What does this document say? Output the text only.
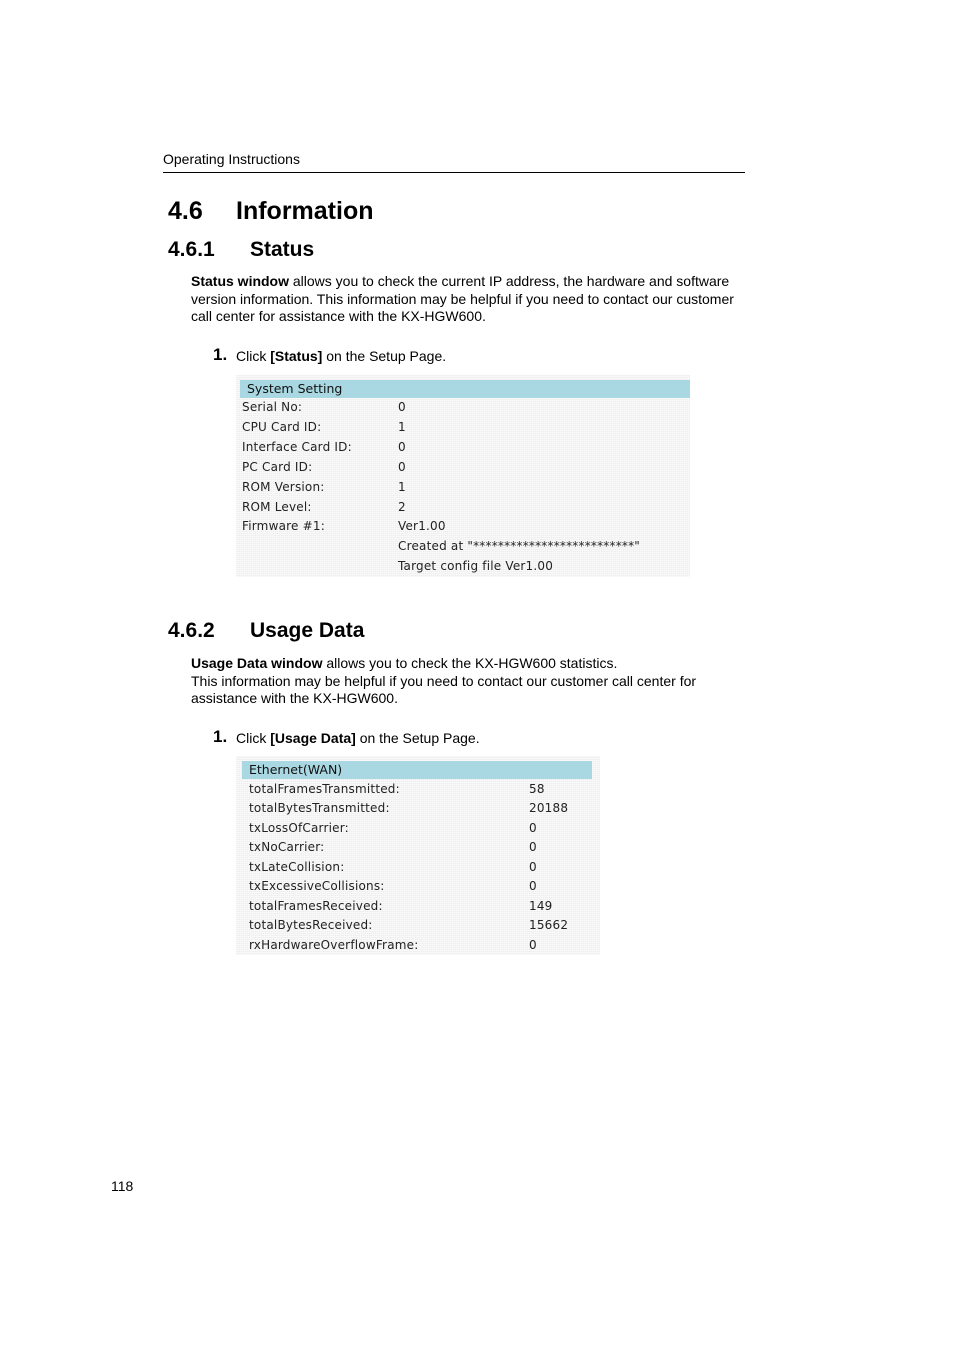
Operating Instructions
4.6 Information
4.6.1 Status
Status window allows you to check the current IP address, the hardware and software
version information. This information may be helpful if you need to contact our customer
call center for assistance with the KX-HGW600.
1. Click [Status] on the Setup Page.
System Setting
Serial No:	0
CPU Card ID:	1
Interface Card ID:	0
PC Card ID:	0
ROM Version:	1
ROM Level:	2
Firmware #1:	Ver1.00
Created at "**************************"
Target config file Ver1.00
4.6.2 Usage Data
Usage Data window allows you to check the KX-HGW600 statistics.
This information may be helpful if you need to contact our customer call center for
assistance with the KX-HGW600.
1. Click [Usage Data] on the Setup Page.
Ethernet(WAN)
totalFramesTransmitted:	58
totalBytesTransmitted:	20188
txLossOfCarrier:	0
txNoCarrier:	0
txLateCollision:	0
txExcessiveCollisions:	0
totalFramesReceived:	149
totalBytesReceived:	15662
rxHardwareOverflowFrame:	0
118
